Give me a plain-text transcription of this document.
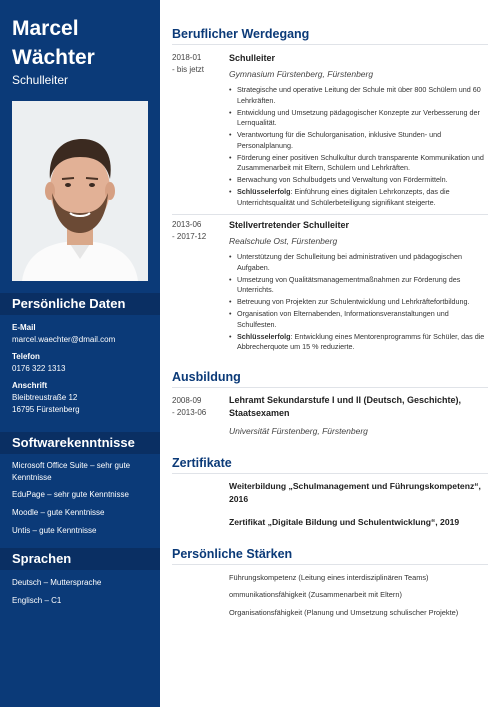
Marcel
Wächter
Schulleiter
Persönliche Daten
E-Mail
marcel.waechter@dmail.com
Telefon
0176 322 1313
Anschrift
Bleibtreustraße 12
16795 Fürstenberg
Softwarekenntnisse
Microsoft Office Suite – sehr gute Kenntnisse
EduPage – sehr gute Kenntnisse
Moodle – gute Kenntnisse
Untis – gute Kenntnisse
Sprachen
Deutsch – Muttersprache
Englisch – C1
Beruflicher Werdegang
2018-01
- bis jetzt
Schulleiter
Gymnasium Fürstenberg, Fürstenberg
• Strategische und operative Leitung der Schule mit über 800 Schülern und 60 Lehrkräften.
• Entwicklung und Umsetzung pädagogischer Konzepte zur Verbesserung der Lernqualität.
• Verantwortung für die Schulorganisation, inklusive Stunden- und Personalplanung.
• Förderung einer positiven Schulkultur durch transparente Kommunikation und Zusammenarbeit mit Eltern, Schülern und Lehrkräften.
• Berwachung von Schulbudgets und Verwaltung von Fördermitteln.
• Schlüsselerfolg: Einführung eines digitalen Lehrkonzepts, das die Unterrichtsqualität und Schülerbeteiligung signifikant steigerte.
2013-06
- 2017-12
Stellvertretender Schulleiter
Realschule Ost, Fürstenberg
• Unterstützung der Schulleitung bei administrativen und pädagogischen Aufgaben.
• Umsetzung von Qualitätsmanagementmaßnahmen zur Förderung des Unterrichts.
• Betreuung von Projekten zur Schulentwicklung und Lehrkräftefortbildung.
• Organisation von Elternabenden, Informationsveranstaltungen und Schulfesten.
• Schlüsselerfolg: Entwicklung eines Mentorenprogramms für Schüler, das die Abbrecherquote um 15 % reduzierte.
Ausbildung
2008-09
- 2013-06
Lehramt Sekundarstufe I und II (Deutsch, Geschichte), Staatsexamen
Universität Fürstenberg, Fürstenberg
Zertifikate
Weiterbildung „Schulmanagement und Führungskompetenz“, 2016
Zertifikat „Digitale Bildung und Schulentwicklung“, 2019
Persönliche Stärken
Führungskompetenz (Leitung eines interdisziplinären Teams)
ommunikationsfähigkeit (Zusammenarbeit mit Eltern)
Organisationsfähigkeit (Planung und Umsetzung schulischer Projekte)
